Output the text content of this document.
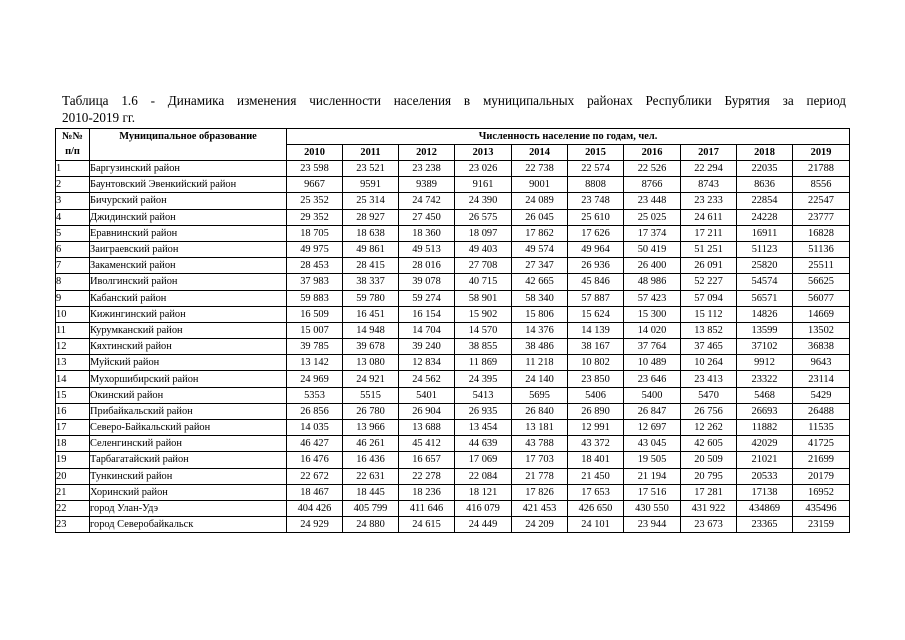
Таблица 1.6 - Динамика изменения численности населения в муниципальных районах Республики Бурятия за период
2010-2019 гг.
№№
п/п	Муниципальное образование	Численность население по годам, чел.									
		2010	2011	2012	2013	2014	2015	2016	2017	2018	2019
1	Баргузинский район	23 598	23 521	23 238	23 026	22 738	22 574	22 526	22 294	22035	21788
2	Баунтовский Эвенкийский район	9667	9591	9389	9161	9001	8808	8766	8743	8636	8556
3	Бичурский район	25 352	25 314	24 742	24 390	24 089	23 748	23 448	23 233	22854	22547
4	Джидинский район	29 352	28 927	27 450	26 575	26 045	25 610	25 025	24 611	24228	23777
5	Еравнинский район	18 705	18 638	18 360	18 097	17 862	17 626	17 374	17 211	16911	16828
6	Заиграевский район	49 975	49 861	49 513	49 403	49 574	49 964	50 419	51 251	51123	51136
7	Закаменский район	28 453	28 415	28 016	27 708	27 347	26 936	26 400	26 091	25820	25511
8	Иволгинский район	37 983	38 337	39 078	40 715	42 665	45 846	48 986	52 227	54574	56625
9	Кабанский район	59 883	59 780	59 274	58 901	58 340	57 887	57 423	57 094	56571	56077
10	Кижингинский район	16 509	16 451	16 154	15 902	15 806	15 624	15 300	15 112	14826	14669
11	Курумканский район	15 007	14 948	14 704	14 570	14 376	14 139	14 020	13 852	13599	13502
12	Кяхтинский район	39 785	39 678	39 240	38 855	38 486	38 167	37 764	37 465	37102	36838
13	Муйский район	13 142	13 080	12 834	11 869	11 218	10 802	10 489	10 264	9912	9643
14	Мухоршибирский район	24 969	24 921	24 562	24 395	24 140	23 850	23 646	23 413	23322	23114
15	Окинский район	5353	5515	5401	5413	5695	5406	5400	5470	5468	5429
16	Прибайкальский район	26 856	26 780	26 904	26 935	26 840	26 890	26 847	26 756	26693	26488
17	Северо-Байкальский район	14 035	13 966	13 688	13 454	13 181	12 991	12 697	12 262	11882	11535
18	Селенгинский район	46 427	46 261	45 412	44 639	43 788	43 372	43 045	42 605	42029	41725
19	Тарбагатайский район	16 476	16 436	16 657	17 069	17 703	18 401	19 505	20 509	21021	21699
20	Тункинский район	22 672	22 631	22 278	22 084	21 778	21 450	21 194	20 795	20533	20179
21	Хоринский район	18 467	18 445	18 236	18 121	17 826	17 653	17 516	17 281	17138	16952
22	город Улан-Удэ	404 426	405 799	411 646	416 079	421 453	426 650	430 550	431 922	434869	435496
23	город Северобайкальск	24 929	24 880	24 615	24 449	24 209	24 101	23 944	23 673	23365	23159
